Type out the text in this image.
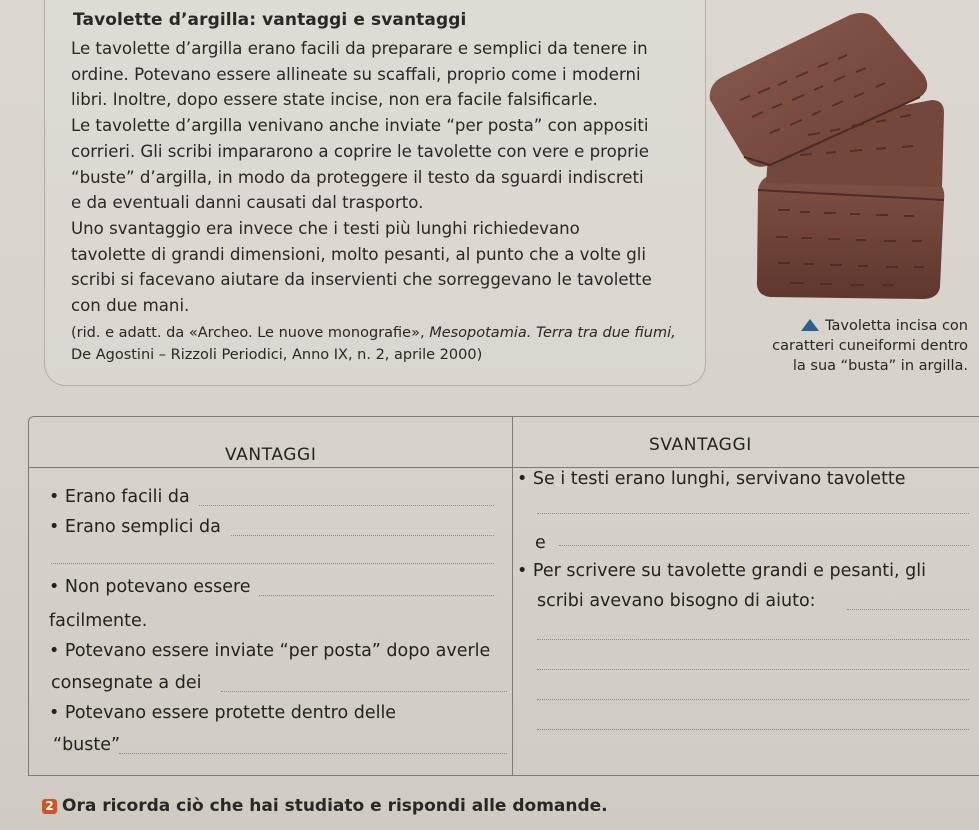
Tavolette d’argilla: vantaggi e svantaggi

Le tavolette d’argilla erano facili da preparare e semplici da tenere in

ordine. Potevano essere allineate su scaffali, proprio come i moderni

libri. Inoltre, dopo essere state incise, non era facile falsificarle.

Le tavolette d’argilla venivano anche inviate “per posta” con appositi

corrieri. Gli scribi impararono a coprire le tavolette con vere e proprie

“buste” d’argilla, in modo da proteggere il testo da sguardi indiscreti

e da eventuali danni causati dal trasporto.

Uno svantaggio era invece che i testi più lunghi richiedevano

tavolette di grandi dimensioni, molto pesanti, al punto che a volte gli

scribi si facevano aiutare da inservienti che sorreggevano le tavolette

con due mani.

(rid. e adatt. da «Archeo. Le nuove monografie», Mesopotamia. Terra tra due fiumi,
De Agostini – Rizzoli Periodici, Anno IX, n. 2, aprile 2000)
Tavoletta incisa con
caratteri cuneiformi dentro
la sua “busta” in argilla.
VANTAGGI	SVANTAGGI
• Erano facili da
• Erano semplici da
• Non potevano essere
facilmente.
• Potevano essere inviate “per posta” dopo averle
consegnate a dei
• Potevano essere protette dentro delle
“buste”
• Se i testi erano lunghi, servivano tavolette
e
• Per scrivere su tavolette grandi e pesanti, gli
scribi avevano bisogno di aiuto:
2 Ora ricorda ciò che hai studiato e rispondi alle domande.
